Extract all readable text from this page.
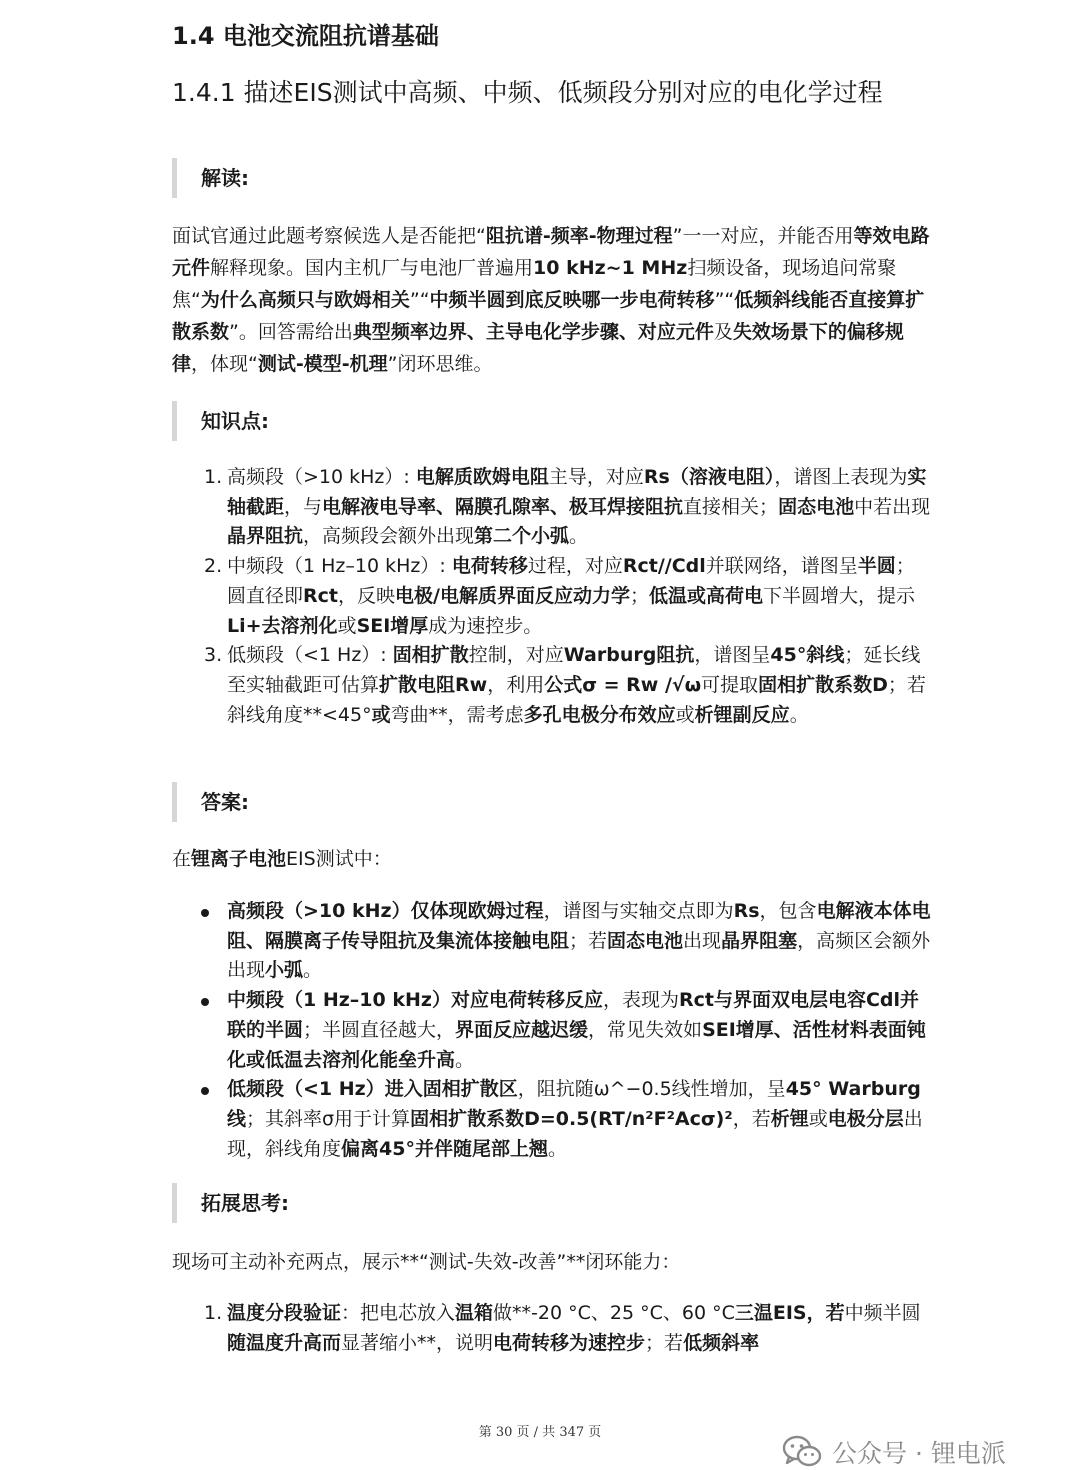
1.4 电池交流阻抗谱基础
1.4.1 描述EIS测试中高频、中频、低频段分别对应的电化学过程
解读:

面试官通过此题考察候选人是否能把“阻抗谱-频率-物理过程”一一对应，并能否用等效电路元件解释现象。国内主机厂与电池厂普遍用10 kHz~1 MHz扫频设备，现场追问常聚焦“为什么高频只与欧姆相关”“中频半圆到底反映哪一步电荷转移”“低频斜线能否直接算扩散系数”。回答需给出典型频率边界、主导电化学步骤、对应元件及失效场景下的偏移规律，体现“测试-模型-机理”闭环思维。

知识点:
1. 高频段（>10 kHz）: 电解质欧姆电阻主导，对应Rs（溶液电阻），谱图上表现为实轴截距，与电解液电导率、隔膜孔隙率、极耳焊接阻抗直接相关；固态电池中若出现晶界阻抗，高频段会额外出现第二个小弧。
2. 中频段（1 Hz–10 kHz）: 电荷转移过程，对应Rct//Cdl并联网络，谱图呈半圆；圆直径即Rct，反映电极/电解质界面反应动力学；低温或高荷电下半圆增大，提示Li+去溶剂化或SEI增厚成为速控步。
3. 低频段（<1 Hz）: 固相扩散控制，对应Warburg阻抗，谱图呈45°斜线；延长线至实轴截距可估算扩散电阻Rw，利用公式σ = Rw /√ω可提取固相扩散系数D；若斜线角度**<45°或弯曲**，需考虑多孔电极分布效应或析锂副反应。
答案:

在锂离子电池EIS测试中：

高频段（>10 kHz）仅体现欧姆过程，谱图与实轴交点即为Rs，包含电解液本体电阻、隔膜离子传导阻抗及集流体接触电阻；若固态电池出现晶界阻塞，高频区会额外出现小弧。
中频段（1 Hz–10 kHz）对应电荷转移反应，表现为Rct与界面双电层电容Cdl并联的半圆；半圆直径越大，界面反应越迟缓，常见失效如SEI增厚、活性材料表面钝化或低温去溶剂化能垒升高。
低频段（<1 Hz）进入固相扩散区，阻抗随ω^−0.5线性增加，呈45° Warburg线；其斜率σ用于计算固相扩散系数D=0.5(RT/n²F²Acσ)²，若析锂或电极分层出现，斜线角度偏离45°并伴随尾部上翘。
拓展思考:

现场可主动补充两点，展示**“测试-失效-改善”**闭环能力：

1. 温度分段验证：把电芯放入温箱做**-20 °C、25 °C、60 °C三温EIS，若中频半圆随温度升高而显著缩小**，说明电荷转移为速控步；若低频斜率
第 30 页 / 共 347 页
公众号 · 锂电派
